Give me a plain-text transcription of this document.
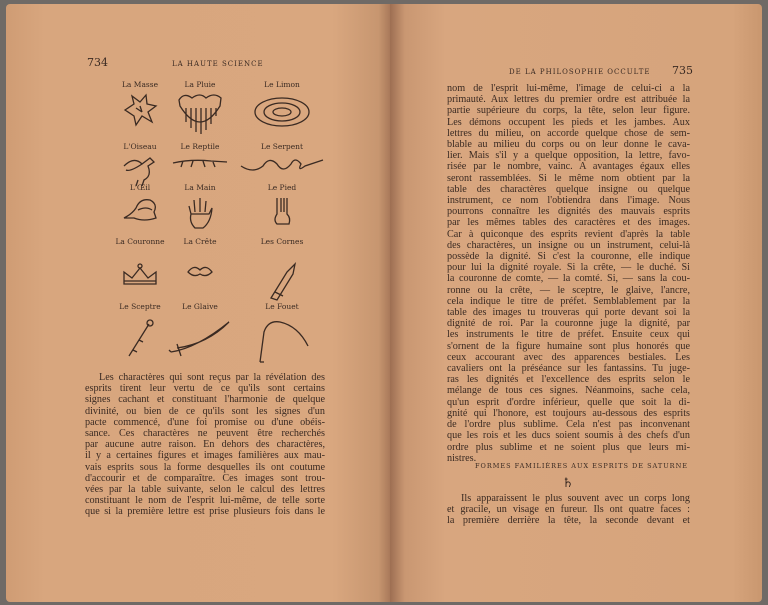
734	LA HAUTE SCIENCE
DE LA PHILOSOPHIE OCCULTE 735
La Masse	La Pluie	Le Limon
L'Oiseau	Le Reptile	Le Serpent
L'Œil	La Main	Le Pied
La Couronne	La Crête	Les Cornes
Le Sceptre	Le Glaive	Le Fouet
Les charactères qui sont reçus par la révélation des
esprits tirent leur vertu de ce qu'ils sont certains
signes cachant et constituant l'harmonie de quelque
divinité, ou bien de ce qu'ils sont les signes d'un
pacte commencé, d'une foi promise ou d'une obéis-
sance. Ces charactères ne peuvent être recherchés
par aucune autre raison. En dehors des charactères,
il y a certaines figures et images familières aux mau-
vais esprits sous la forme desquelles ils ont coutume
d'accourir et de comparaître. Ces images sont trou-
vées par la table suivante, selon le calcul des lettres
constituant le nom de l'esprit lui-même, de telle sorte
que si la première lettre est prise plusieurs fois dans le
nom de l'esprit lui-même, l'image de celui-ci a la
primauté. Aux lettres du premier ordre est attribuée la
partie supérieure du corps, la tête, selon leur figure.
Les démons occupent les pieds et les jambes. Aux
lettres du milieu, on accorde quelque chose de sem-
blable au milieu du corps ou on leur donne le cava-
lier. Mais s'il y a quelque opposition, la lettre, favo-
risée par le nombre, vainc. A avantages égaux elles
seront rassemblées. Si le même nom obtient par la
table des charactères quelque insigne ou quelque
instrument, ce nom l'obtiendra dans l'image. Nous
pourrons connaître les dignités des mauvais esprits
par les mêmes tables des caractères et des images.
Car à quiconque des esprits revient d'après la table
des charactères, un insigne ou un instrument, celui-là
possède la dignité. Si c'est la couronne, elle indique
pour lui la dignité royale. Si la crête, — le duché. Si
la couronne de comte, — la comté. Si, — sans la cou-
ronne ou la crête, — le sceptre, le glaive, l'ancre,
cela indique le titre de préfet. Semblablement par la
table des images tu trouveras qui porte devant soi la
dignité de roi. Par la couronne juge la dignité, par
les instruments le titre de préfet. Ensuite ceux qui
s'ornent de la figure humaine sont plus honorés que
ceux accourant avec des apparences bestiales. Les
cavaliers ont la préséance sur les fantassins. Tu juge-
ras les dignités et l'excellence des esprits selon le
mélange de tous ces signes. Néanmoins, sache cela,
qu'un esprit d'ordre inférieur, quelle que soit la di-
gnité qui l'honore, est toujours au-dessous des esprits
de l'ordre plus sublime. Cela n'est pas inconvenant
que les rois et les ducs soient soumis à des chefs d'un
ordre plus sublime et ne soient plus que leurs mi-
nistres.
FORMES FAMILIÈRES AUX ESPRITS DE SATURNE
♄
Ils apparaissent le plus souvent avec un corps long
et gracile, un visage en fureur. Ils ont quatre faces :
la première derrière la tête, la seconde devant et
